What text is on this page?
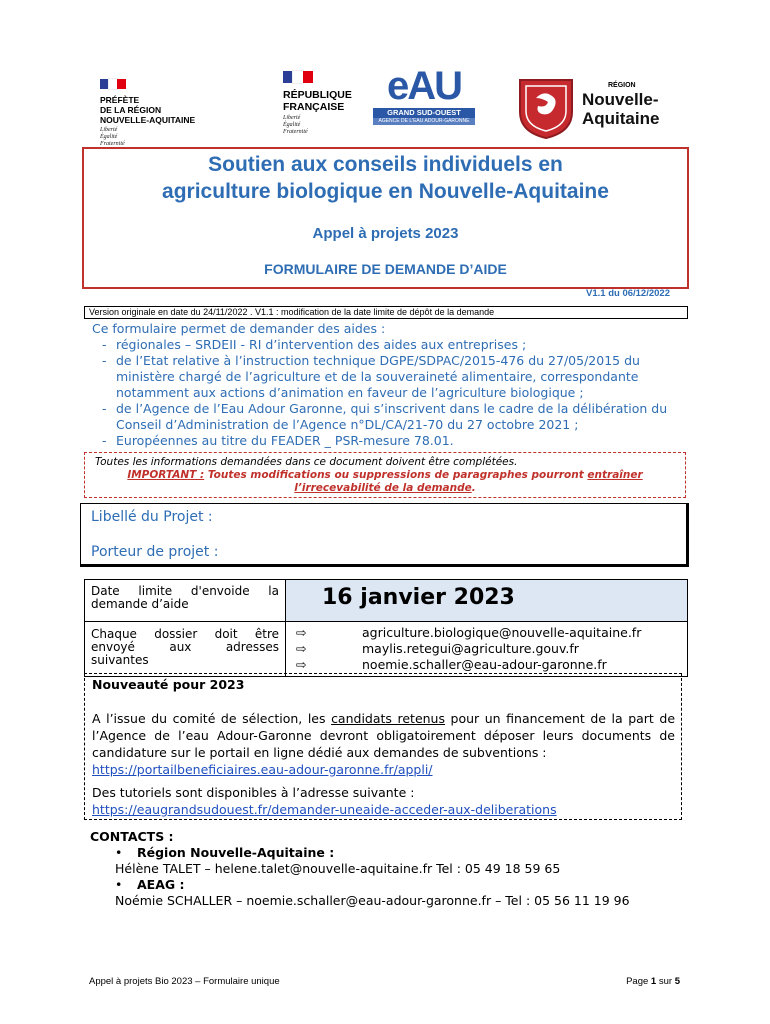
PRÉFÈTE
DE LA RÉGION
NOUVELLE-AQUITAINE
Liberté
Égalité
Fraternité
RÉPUBLIQUE
FRANÇAISE
Liberté
Égalité
Fraternité
eAU
GRAND SUD-OUEST
AGENCE DE L'EAU ADOUR-GARONNE
RÉGION
Nouvelle-
Aquitaine
Soutien aux conseils individuels en
agriculture biologique en Nouvelle-Aquitaine
Appel à projets 2023
FORMULAIRE DE DEMANDE D’AIDE
V1.1 du 06/12/2022
Version originale en date du 24/11/2022 . V1.1 : modification de la date limite de dépôt de la demande
Ce formulaire permet de demander des aides :
- régionales – SRDEII - RI d’intervention des aides aux entreprises ;
- de l’Etat relative à l’instruction technique DGPE/SDPAC/2015-476 du 27/05/2015 du ministère chargé de l’agriculture et de la souveraineté alimentaire, correspondante notamment aux actions d’animation en faveur de l’agriculture biologique ;
- de l’Agence de l’Eau Adour Garonne, qui s’inscrivent dans le cadre de la délibération du Conseil d’Administration de l’Agence n°DL/CA/21-70 du 27 octobre 2021 ;
- Européennes au titre du FEADER _ PSR-mesure 78.01.
Toutes les informations demandées dans ce document doivent être complétées.
IMPORTANT : Toutes modifications ou suppressions de paragraphes pourront entraîner
l’irrecevabilité de la demande.
Libellé du Projet :
Porteur de projet :
Date limite d'envoide la demande d’aide	16 janvier 2023

Chaque dossier doit être envoyé aux adresses suivantes	⇨ agriculture.biologique@nouvelle-aquitaine.fr
⇨ maylis.retegui@agriculture.gouv.fr
⇨ noemie.schaller@eau-adour-garonne.fr
Nouveauté pour 2023
A l’issue du comité de sélection, les candidats retenus pour un financement de la part de l’Agence de l’eau Adour-Garonne devront obligatoirement déposer leurs documents de candidature sur le portail en ligne dédié aux demandes de subventions :
https://portailbeneficiaires.eau-adour-garonne.fr/appli/
Des tutoriels sont disponibles à l’adresse suivante :
https://eaugrandsudouest.fr/demander-uneaide-acceder-aux-deliberations
CONTACTS :
• Région Nouvelle-Aquitaine :
Hélène TALET – helene.talet@nouvelle-aquitaine.fr Tel : 05 49 18 59 65
• AEAG :
Noémie SCHALLER – noemie.schaller@eau-adour-garonne.fr – Tel : 05 56 11 19 96
Appel à projets Bio 2023 – Formulaire unique	Page 1 sur 5
